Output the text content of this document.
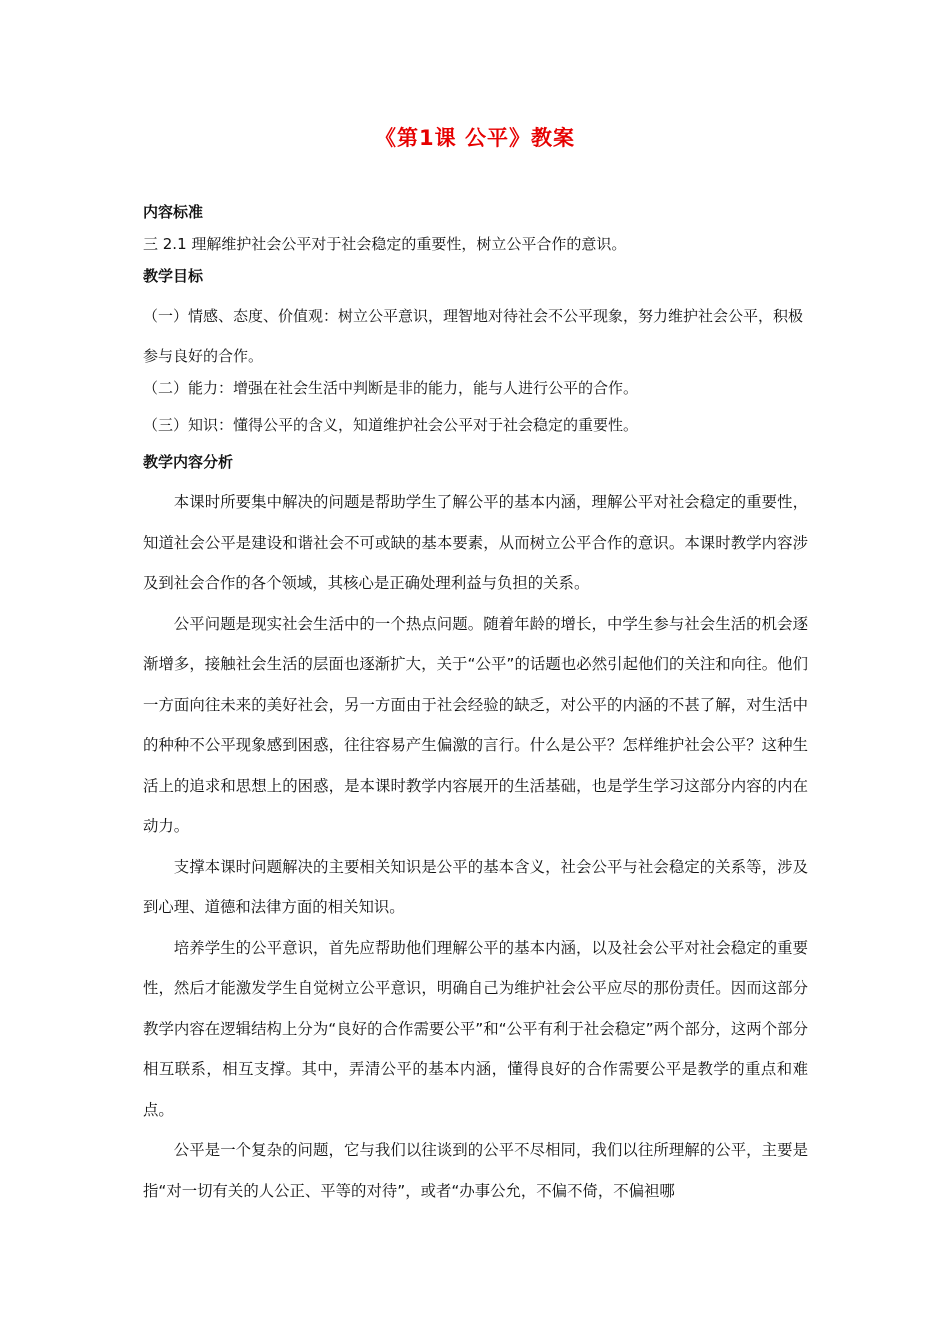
《第1课 公平》教案
内容标准
三 2.1 理解维护社会公平对于社会稳定的重要性，树立公平合作的意识。
教学目标
（一）情感、态度、价值观：树立公平意识，理智地对待社会不公平现象，努力维护社会公平，积极参与良好的合作。
（二）能力：增强在社会生活中判断是非的能力，能与人进行公平的合作。
（三）知识：懂得公平的含义，知道维护社会公平对于社会稳定的重要性。
教学内容分析
本课时所要集中解决的问题是帮助学生了解公平的基本内涵，理解公平对社会稳定的重要性，知道社会公平是建设和谐社会不可或缺的基本要素，从而树立公平合作的意识。本课时教学内容涉及到社会合作的各个领域，其核心是正确处理利益与负担的关系。
公平问题是现实社会生活中的一个热点问题。随着年龄的增长，中学生参与社会生活的机会逐渐增多，接触社会生活的层面也逐渐扩大，关于“公平”的话题也必然引起他们的关注和向往。他们一方面向往未来的美好社会，另一方面由于社会经验的缺乏，对公平的内涵的不甚了解，对生活中的种种不公平现象感到困惑，往往容易产生偏激的言行。什么是公平？怎样维护社会公平？这种生活上的追求和思想上的困惑，是本课时教学内容展开的生活基础，也是学生学习这部分内容的内在动力。
支撑本课时问题解决的主要相关知识是公平的基本含义，社会公平与社会稳定的关系等，涉及到心理、道德和法律方面的相关知识。
培养学生的公平意识，首先应帮助他们理解公平的基本内涵，以及社会公平对社会稳定的重要性，然后才能激发学生自觉树立公平意识，明确自己为维护社会公平应尽的那份责任。因而这部分教学内容在逻辑结构上分为“良好的合作需要公平”和“公平有利于社会稳定”两个部分，这两个部分相互联系，相互支撑。其中，弄清公平的基本内涵，懂得良好的合作需要公平是教学的重点和难点。
公平是一个复杂的问题，它与我们以往谈到的公平不尽相同，我们以往所理解的公平，主要是指“对一切有关的人公正、平等的对待”，或者“办事公允，不偏不倚，不偏袒哪
